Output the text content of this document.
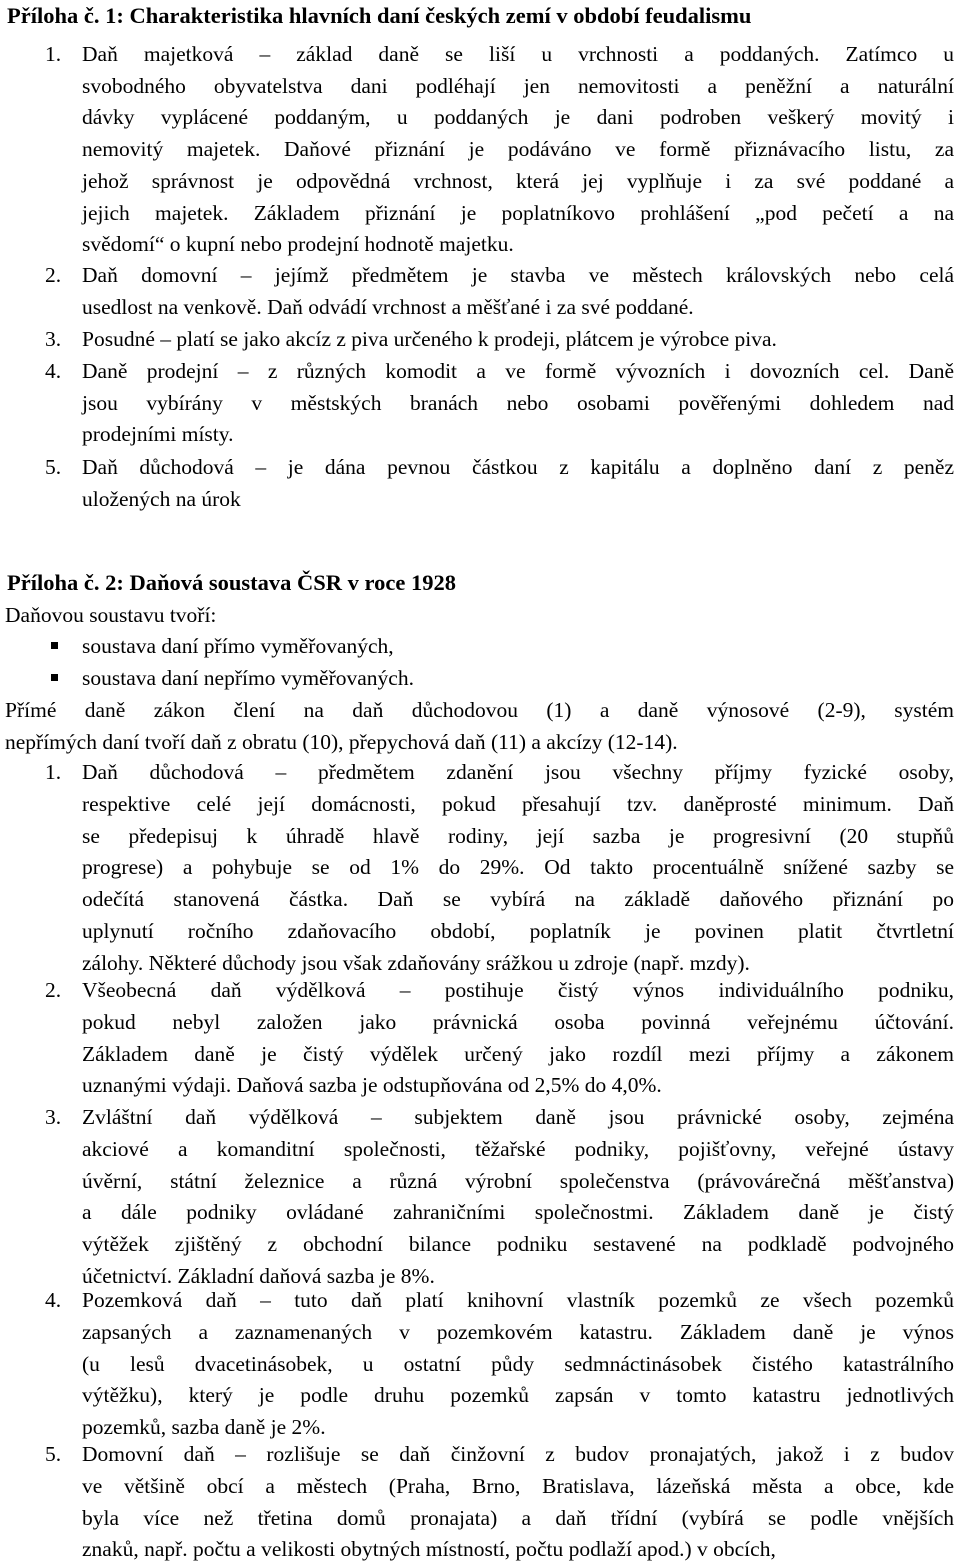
Příloha č. 1: Charakteristika hlavních daní českých zemí v období feudalismu
1. Daň majetková – základ daně se liší u vrchnosti a poddaných. Zatímco u
svobodného obyvatelstva dani podléhají jen nemovitosti a peněžní a naturální
dávky vyplácené poddaným, u poddaných je dani podroben veškerý movitý i
nemovitý majetek. Daňové přiznání je podáváno ve formě přiznávacího listu, za
jehož správnost je odpovědná vrchnost, která jej vyplňuje i za své poddané a
jejich majetek. Základem přiznání je poplatníkovo prohlášení „pod pečetí a na
svědomí“ o kupní nebo prodejní hodnotě majetku.
2. Daň domovní – jejímž předmětem je stavba ve městech královských nebo celá
usedlost na venkově. Daň odvádí vrchnost a měšťané i za své poddané.
3. Posudné – platí se jako akcíz z piva určeného k prodeji, plátcem je výrobce piva.
4. Daně prodejní – z různých komodit a ve formě vývozních i dovozních cel. Daně
jsou vybírány v městských branách nebo osobami pověřenými dohledem nad
prodejními místy.
5. Daň důchodová – je dána pevnou částkou z kapitálu a doplněno daní z peněz
uložených na úrok
Příloha č. 2: Daňová soustava ČSR v roce 1928
Daňovou soustavu tvoří:
soustava daní přímo vyměřovaných,
soustava daní nepřímo vyměřovaných.
Přímé daně zákon člení na daň důchodovou (1) a daně výnosové (2-9), systém
nepřímých daní tvoří daň z obratu (10), přepychová daň (11) a akcízy (12-14).
1. Daň důchodová – předmětem zdanění jsou všechny příjmy fyzické osoby,
respektive celé její domácnosti, pokud přesahují tzv. daněprosté minimum. Daň
se předepisuj k úhradě hlavě rodiny, její sazba je progresivní (20 stupňů
progrese) a pohybuje se od 1% do 29%. Od takto procentuálně snížené sazby se
odečítá stanovená částka. Daň se vybírá na základě daňového přiznání po
uplynutí ročního zdaňovacího období, poplatník je povinen platit čtvrtletní
zálohy. Některé důchody jsou však zdaňovány srážkou u zdroje (např. mzdy).
2. Všeobecná daň výdělková – postihuje čistý výnos individuálního podniku,
pokud nebyl založen jako právnická osoba povinná veřejnému účtování.
Základem daně je čistý výdělek určený jako rozdíl mezi příjmy a zákonem
uznanými výdaji. Daňová sazba je odstupňována od 2,5% do 4,0%.
3. Zvláštní daň výdělková – subjektem daně jsou právnické osoby, zejména
akciové a komanditní společnosti, těžařské podniky, pojišťovny, veřejné ústavy
úvěrní, státní železnice a různá výrobní společenstva (právovárečná měšťanstva)
a dále podniky ovládané zahraničními společnostmi. Základem daně je čistý
výtěžek zjištěný z obchodní bilance podniku sestavené na podkladě podvojného
účetnictví. Základní daňová sazba je 8%.
4. Pozemková daň – tuto daň platí knihovní vlastník pozemků ze všech pozemků
zapsaných a zaznamenaných v pozemkovém katastru. Základem daně je výnos
(u lesů dvacetinásobek, u ostatní půdy sedmnáctinásobek čistého katastrálního
výtěžku), který je podle druhu pozemků zapsán v tomto katastru jednotlivých
pozemků, sazba daně je 2%.
5. Domovní daň – rozlišuje se daň činžovní z budov pronajatých, jakož i z budov
ve většině obcí a městech (Praha, Brno, Bratislava, lázeňská města a obce, kde
byla více než třetina domů pronajata) a daň třídní (vybírá se podle vnějších
znaků, např. počtu a velikosti obytných místností, počtu podlaží apod.) v obcích,
